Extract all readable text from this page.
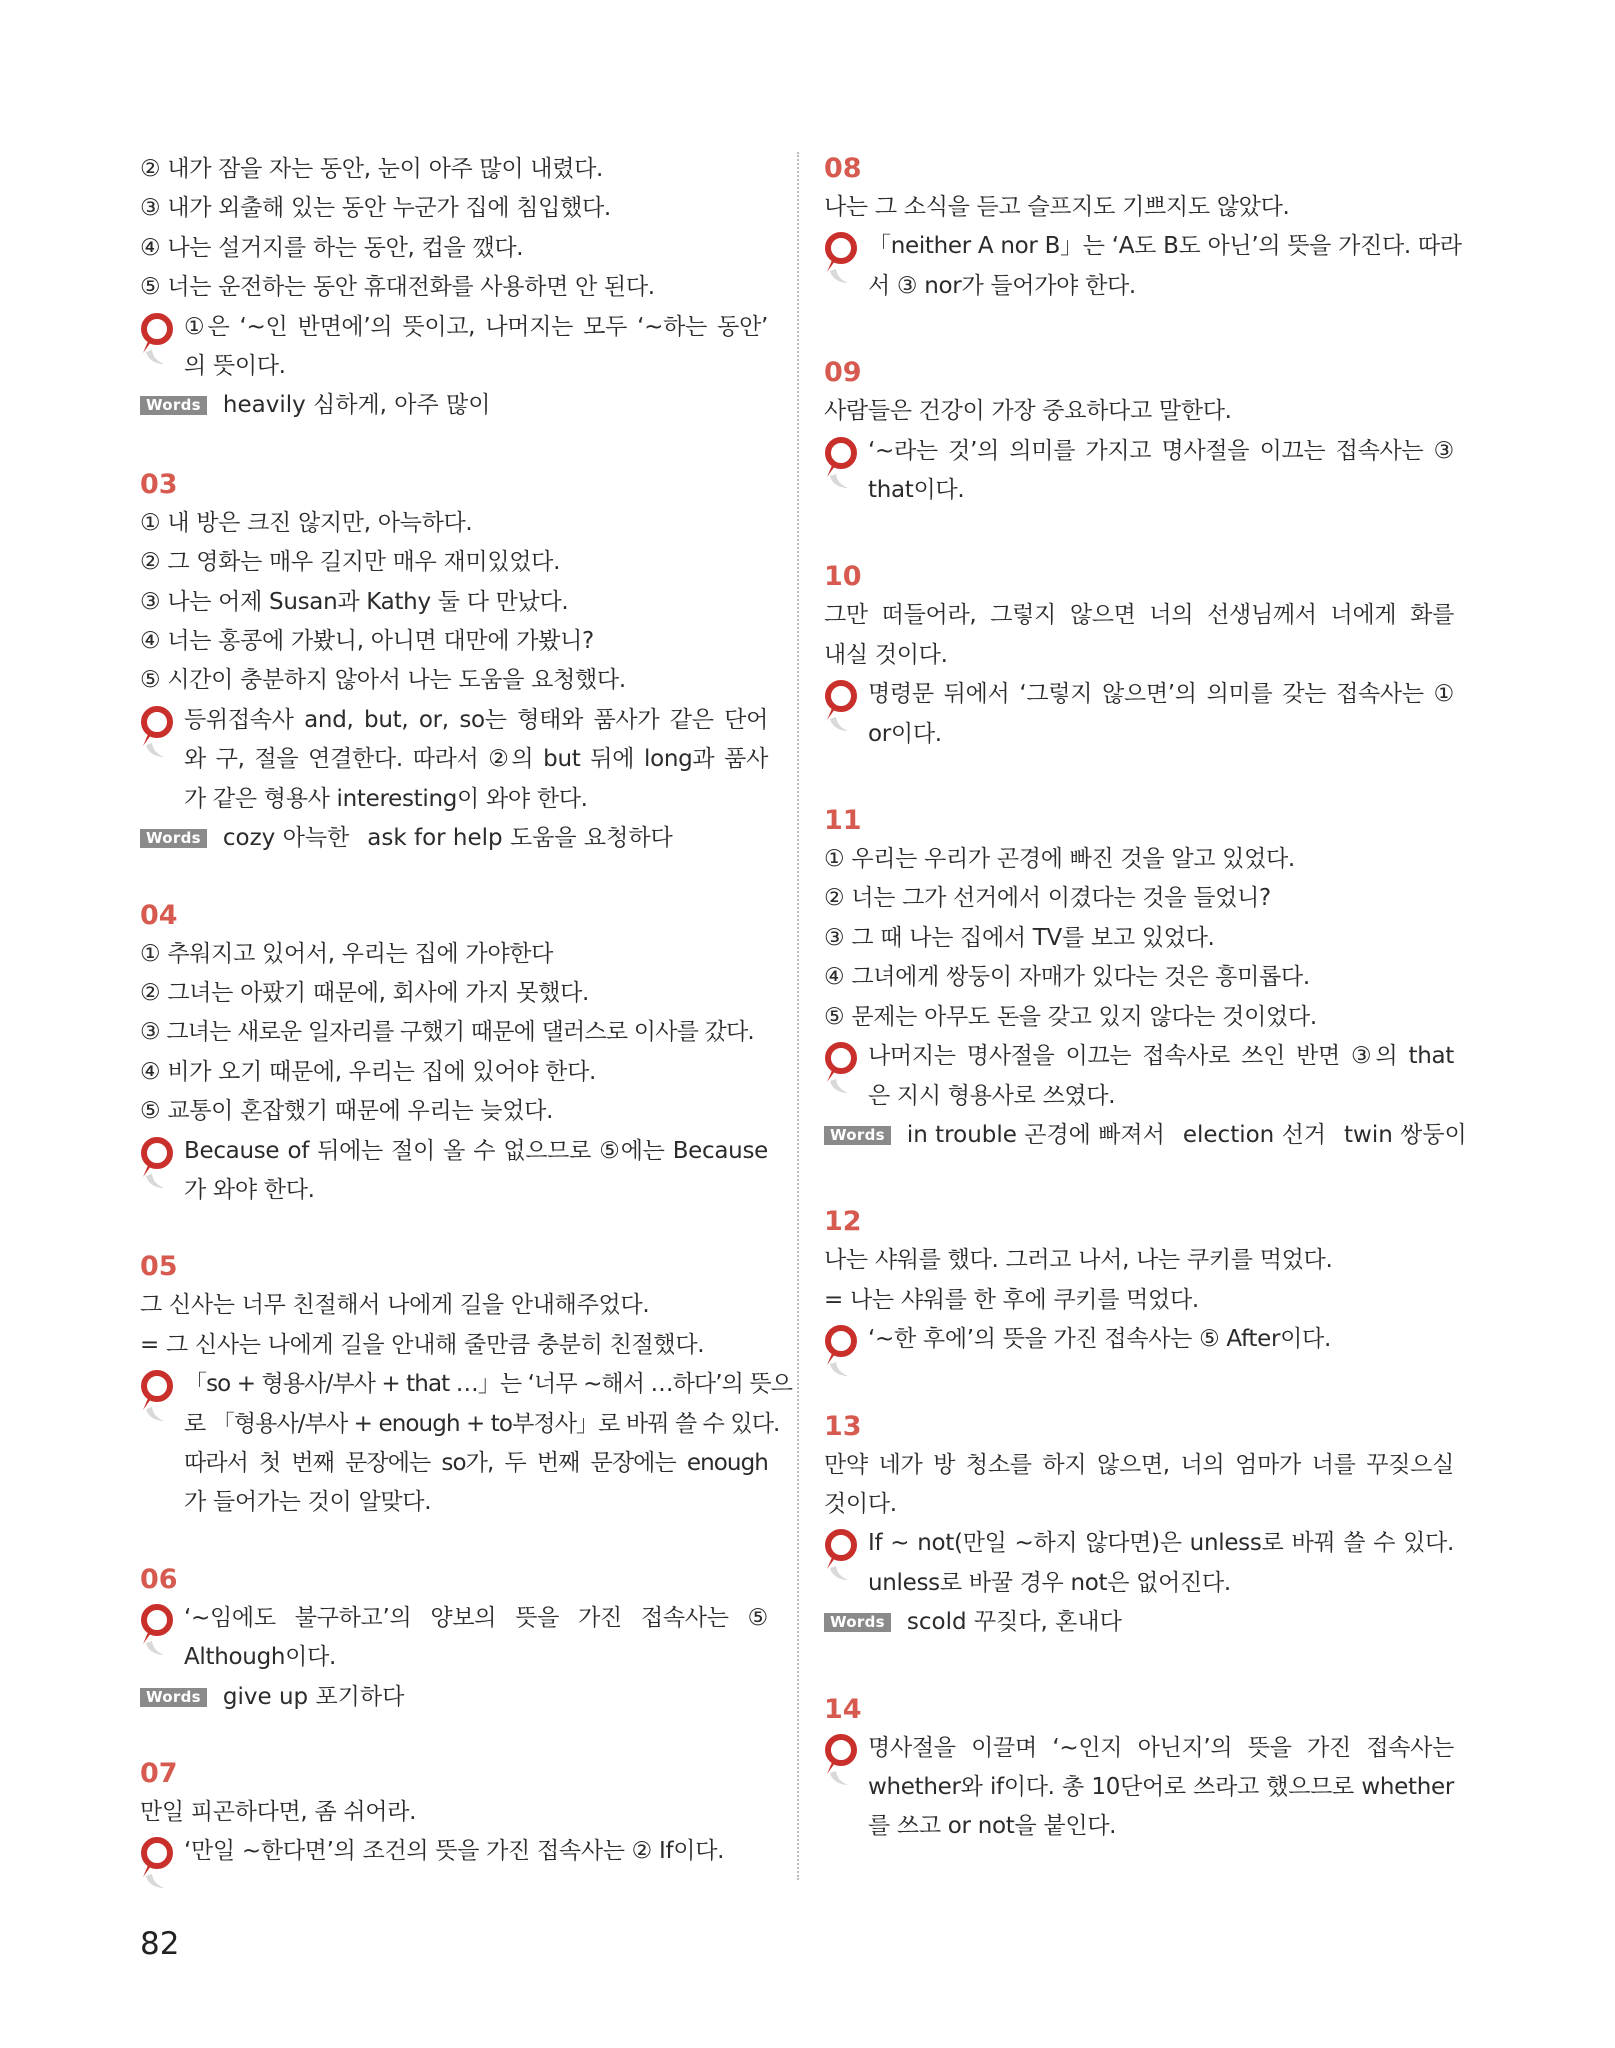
② 내가 잠을 자는 동안, 눈이 아주 많이 내렸다.
③ 내가 외출해 있는 동안 누군가 집에 침입했다.
④ 나는 설거지를 하는 동안, 컵을 깼다.
⑤ 너는 운전하는 동안 휴대전화를 사용하면 안 된다.
①은 ‘~인 반면에’의 뜻이고, 나머지는 모두 ‘~하는 동안’
의 뜻이다.
Words heavily 심하게, 아주 많이
03
① 내 방은 크진 않지만, 아늑하다.
② 그 영화는 매우 길지만 매우 재미있었다.
③ 나는 어제 Susan과 Kathy 둘 다 만났다.
④ 너는 홍콩에 가봤니, 아니면 대만에 가봤니?
⑤ 시간이 충분하지 않아서 나는 도움을 요청했다.
등위접속사 and, but, or, so는 형태와 품사가 같은 단어
와 구, 절을 연결한다. 따라서 ②의 but 뒤에 long과 품사
가 같은 형용사 interesting이 와야 한다.
Words cozy 아늑한 ask for help 도움을 요청하다
04
① 추워지고 있어서, 우리는 집에 가야한다
② 그녀는 아팠기 때문에, 회사에 가지 못했다.
③ 그녀는 새로운 일자리를 구했기 때문에 댈러스로 이사를 갔다.
④ 비가 오기 때문에, 우리는 집에 있어야 한다.
⑤ 교통이 혼잡했기 때문에 우리는 늦었다.
Because of 뒤에는 절이 올 수 없으므로 ⑤에는 Because
가 와야 한다.
05
그 신사는 너무 친절해서 나에게 길을 안내해주었다.
= 그 신사는 나에게 길을 안내해 줄만큼 충분히 친절했다.
「so + 형용사/부사 + that …」는 ‘너무 ~해서 …하다’의 뜻으
로 「형용사/부사 + enough + to부정사」로 바꿔 쓸 수 있다.
따라서 첫 번째 문장에는 so가, 두 번째 문장에는 enough
가 들어가는 것이 알맞다.
06
‘~임에도 불구하고’의 양보의 뜻을 가진 접속사는 ⑤
Although이다.
Words give up 포기하다
07
만일 피곤하다면, 좀 쉬어라.
‘만일 ~한다면’의 조건의 뜻을 가진 접속사는 ② If이다.
08
나는 그 소식을 듣고 슬프지도 기쁘지도 않았다.
「neither A nor B」는 ‘A도 B도 아닌’의 뜻을 가진다. 따라
서 ③ nor가 들어가야 한다.
09
사람들은 건강이 가장 중요하다고 말한다.
‘~라는 것’의 의미를 가지고 명사절을 이끄는 접속사는 ③
that이다.
10
그만 떠들어라, 그렇지 않으면 너의 선생님께서 너에게 화를
내실 것이다.
명령문 뒤에서 ‘그렇지 않으면’의 의미를 갖는 접속사는 ①
or이다.
11
① 우리는 우리가 곤경에 빠진 것을 알고 있었다.
② 너는 그가 선거에서 이겼다는 것을 들었니?
③ 그 때 나는 집에서 TV를 보고 있었다.
④ 그녀에게 쌍둥이 자매가 있다는 것은 흥미롭다.
⑤ 문제는 아무도 돈을 갖고 있지 않다는 것이었다.
나머지는 명사절을 이끄는 접속사로 쓰인 반면 ③의 that
은 지시 형용사로 쓰였다.
Words in trouble 곤경에 빠져서 election 선거 twin 쌍둥이
12
나는 샤워를 했다. 그러고 나서, 나는 쿠키를 먹었다.
= 나는 샤워를 한 후에 쿠키를 먹었다.
‘~한 후에’의 뜻을 가진 접속사는 ⑤ After이다.
13
만약 네가 방 청소를 하지 않으면, 너의 엄마가 너를 꾸짖으실
것이다.
If ~ not(만일 ~하지 않다면)은 unless로 바꿔 쓸 수 있다.
unless로 바꿀 경우 not은 없어진다.
Words scold 꾸짖다, 혼내다
14
명사절을 이끌며 ‘~인지 아닌지’의 뜻을 가진 접속사는
whether와 if이다. 총 10단어로 쓰라고 했으므로 whether
를 쓰고 or not을 붙인다.
82
